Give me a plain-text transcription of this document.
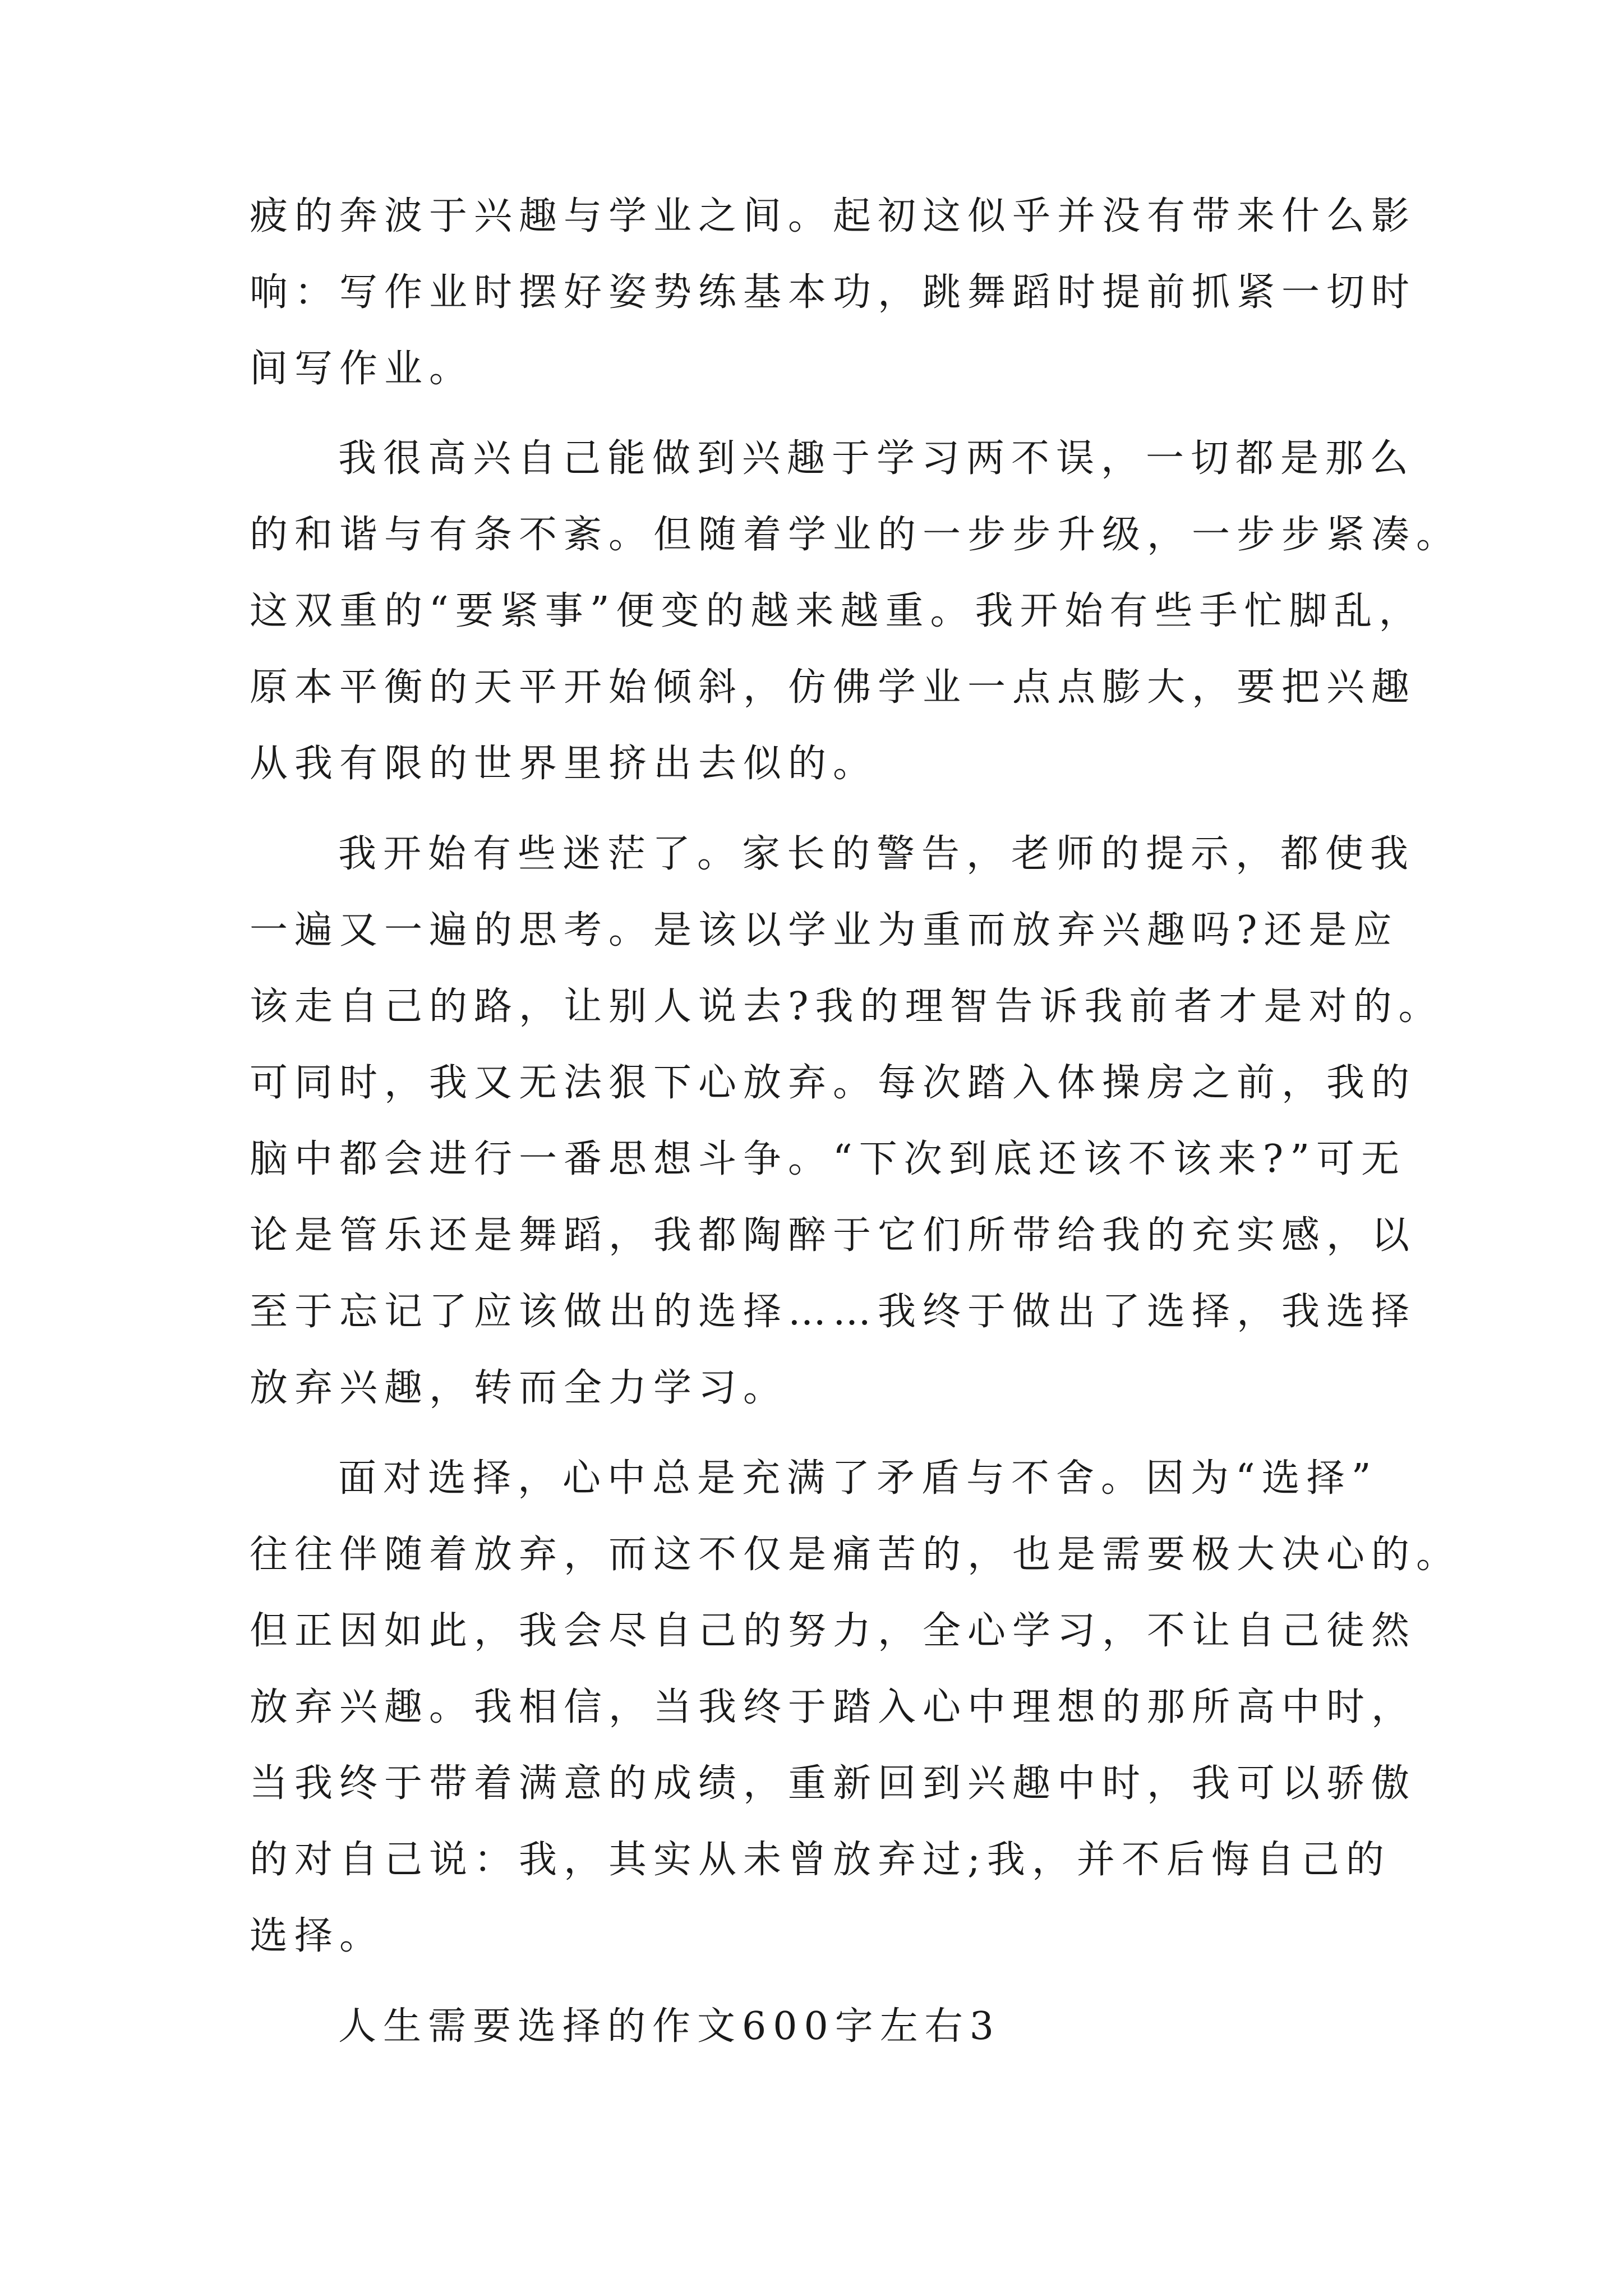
疲的奔波于兴趣与学业之间。起初这似乎并没有带来什么影
响：写作业时摆好姿势练基本功，跳舞蹈时提前抓紧一切时
间写作业。
我很高兴自己能做到兴趣于学习两不误，一切都是那么
的和谐与有条不紊。但随着学业的一步步升级，一步步紧凑。
这双重的“要紧事”便变的越来越重。我开始有些手忙脚乱，
原本平衡的天平开始倾斜，仿佛学业一点点膨大，要把兴趣
从我有限的世界里挤出去似的。
我开始有些迷茫了。家长的警告，老师的提示，都使我
一遍又一遍的思考。是该以学业为重而放弃兴趣吗?还是应
该走自己的路，让别人说去?我的理智告诉我前者才是对的。
可同时，我又无法狠下心放弃。每次踏入体操房之前，我的
脑中都会进行一番思想斗争。“下次到底还该不该来?”可无
论是管乐还是舞蹈，我都陶醉于它们所带给我的充实感，以
至于忘记了应该做出的选择……我终于做出了选择，我选择
放弃兴趣，转而全力学习。
面对选择，心中总是充满了矛盾与不舍。因为“选择”
往往伴随着放弃，而这不仅是痛苦的，也是需要极大决心的。
但正因如此，我会尽自己的努力，全心学习，不让自己徒然
放弃兴趣。我相信，当我终于踏入心中理想的那所高中时，
当我终于带着满意的成绩，重新回到兴趣中时，我可以骄傲
的对自己说：我，其实从未曾放弃过;我，并不后悔自己的
选择。
人生需要选择的作文600字左右3
